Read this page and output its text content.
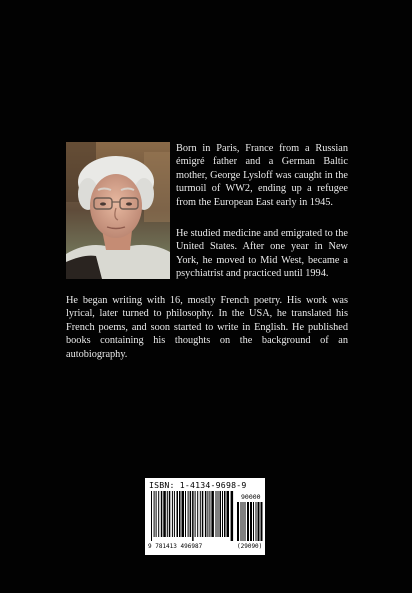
Born in Paris, France from a Russian émigré father and a German Baltic mother, George Lysloff was caught in the turmoil of WW2, ending up a refugee from the European East early in 1945.

He studied medicine and emigrated to the United States. After one year in New York, he moved to Mid West, became a psychiatrist and practiced until 1994.

He began writing with 16, mostly French poetry. His work was lyrical, later turned to philosophy. In the USA, he translated his French poems, and soon started to write in English. He published books containing his thoughts on the background of an autobiography.

ISBN: 1-4134-9698-9
90000
9 781413 496987	(29090)
